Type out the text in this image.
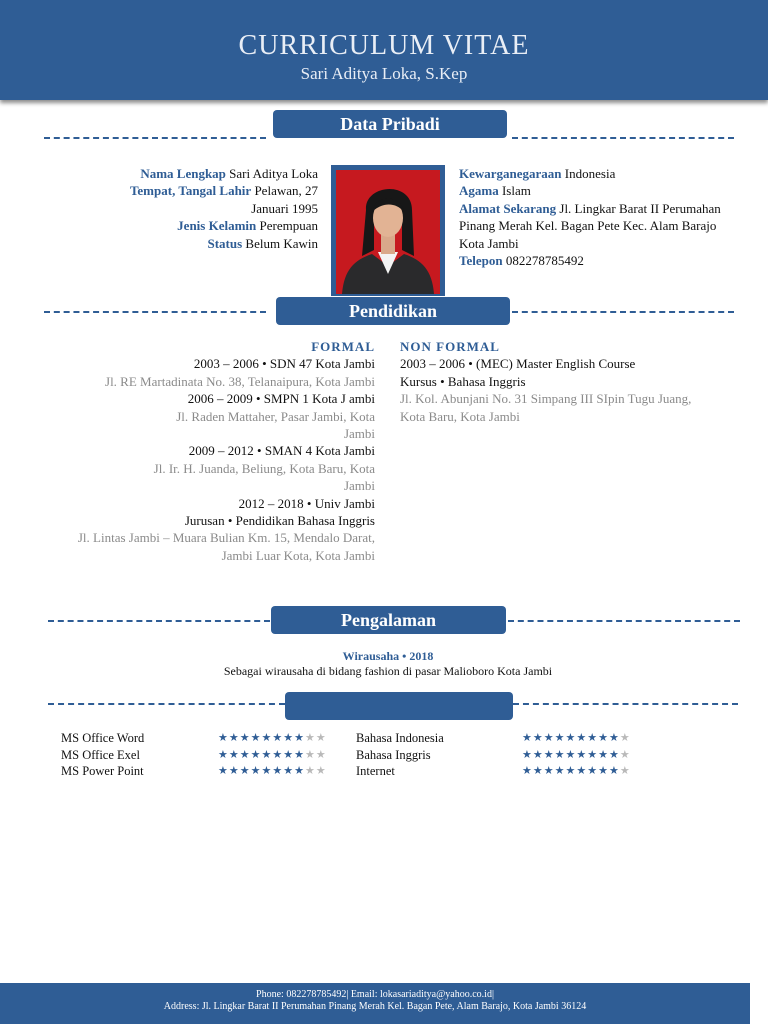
CURRICULUM VITAE
Sari Aditya Loka, S.Kep
Data Pribadi
Nama Lengkap Sari Aditya Loka
Tempat, Tangal Lahir Pelawan, 27 Januari 1995
Jenis Kelamin Perempuan
Status Belum Kawin
Kewarganegaraan Indonesia
Agama Islam
Alamat Sekarang Jl. Lingkar Barat II Perumahan Pinang Merah Kel. Bagan Pete Kec. Alam Barajo Kota Jambi
Telepon 082278785492
Pendidikan
FORMAL
2003 – 2006 • SDN 47 Kota Jambi
Jl. RE Martadinata No. 38, Telanaipura, Kota Jambi
2006 – 2009 • SMPN 1 Kota J ambi
Jl. Raden Mattaher, Pasar Jambi, Kota Jambi
2009 – 2012 • SMAN 4 Kota Jambi
Jl. Ir. H. Juanda, Beliung, Kota Baru, Kota Jambi
2012 – 2018 • Univ Jambi
Jurusan • Pendidikan Bahasa Inggris
Jl. Lintas Jambi – Muara Bulian Km. 15, Mendalo Darat, Jambi Luar Kota, Kota Jambi
NON FORMAL
2003 – 2006 • (MEC) Master English Course
Kursus • Bahasa Inggris
Jl. Kol. Abunjani No. 31 Simpang III SIpin Tugu Juang, Kota Baru, Kota Jambi
Pengalaman
Wirausaha • 2018
Sebagai wirausaha di bidang fashion di pasar Malioboro Kota Jambi
MS Office Word	★★★★★★★★★★
MS Office Exel	★★★★★★★★★★
MS Power Point	★★★★★★★★★★
Bahasa Indonesia	★★★★★★★★★★
Bahasa Inggris	★★★★★★★★★★
Internet	★★★★★★★★★★
Phone: 082278785492| Email: lokasariaditya@yahoo.co.id|
Address: Jl. Lingkar Barat II Perumahan Pinang Merah Kel. Bagan Pete, Alam Barajo, Kota Jambi 36124
